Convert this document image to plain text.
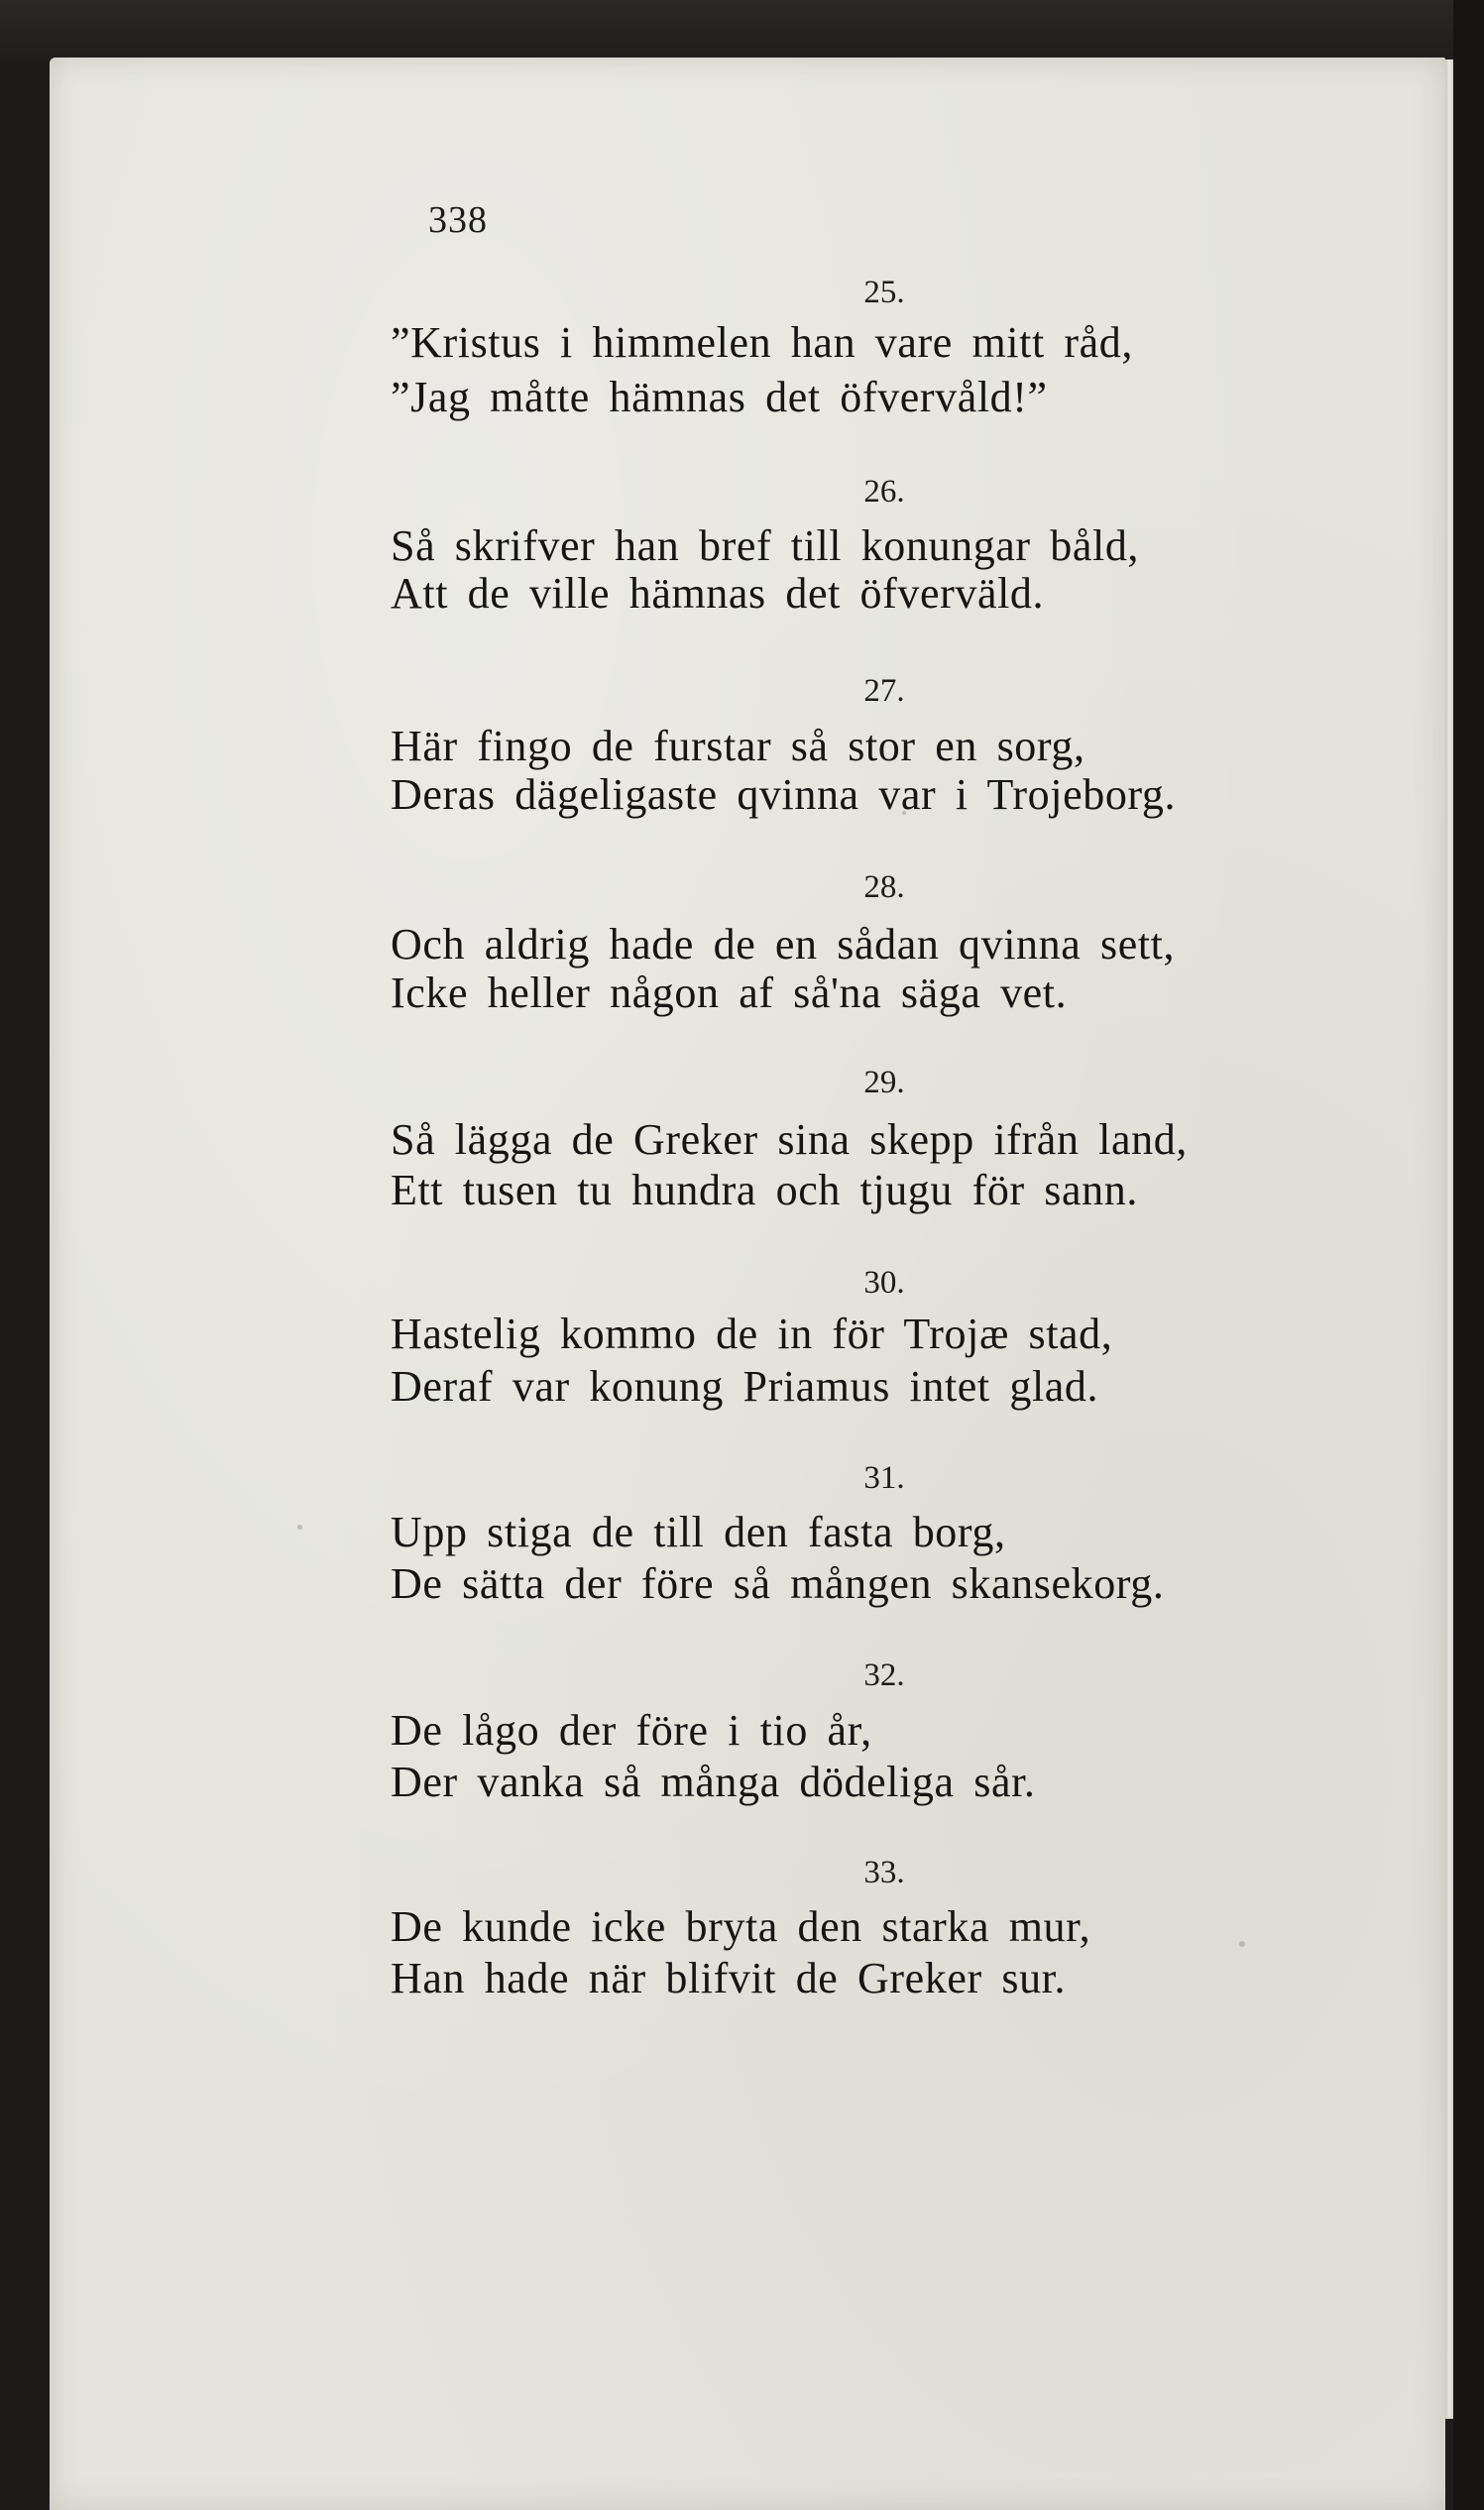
338
25.
”Kristus i himmelen han vare mitt råd,
”Jag måtte hämnas det öfvervåld!”
26.
Så skrifver han bref till konungar båld,
Att de ville hämnas det öfverväld.
27.
Här fingo de furstar så stor en sorg,
Deras dägeligaste qvinna var i Trojeborg.
28.
Och aldrig hade de en sådan qvinna sett,
Icke heller någon af så'na säga vet.
29.
Så lägga de Greker sina skepp ifrån land,
Ett tusen tu hundra och tjugu för sann.
30.
Hastelig kommo de in för Trojæ stad,
Deraf var konung Priamus intet glad.
31.
Upp stiga de till den fasta borg,
De sätta der före så mången skansekorg.
32.
De lågo der före i tio år,
Der vanka så många dödeliga sår.
33.
De kunde icke bryta den starka mur,
Han hade när blifvit de Greker sur.
